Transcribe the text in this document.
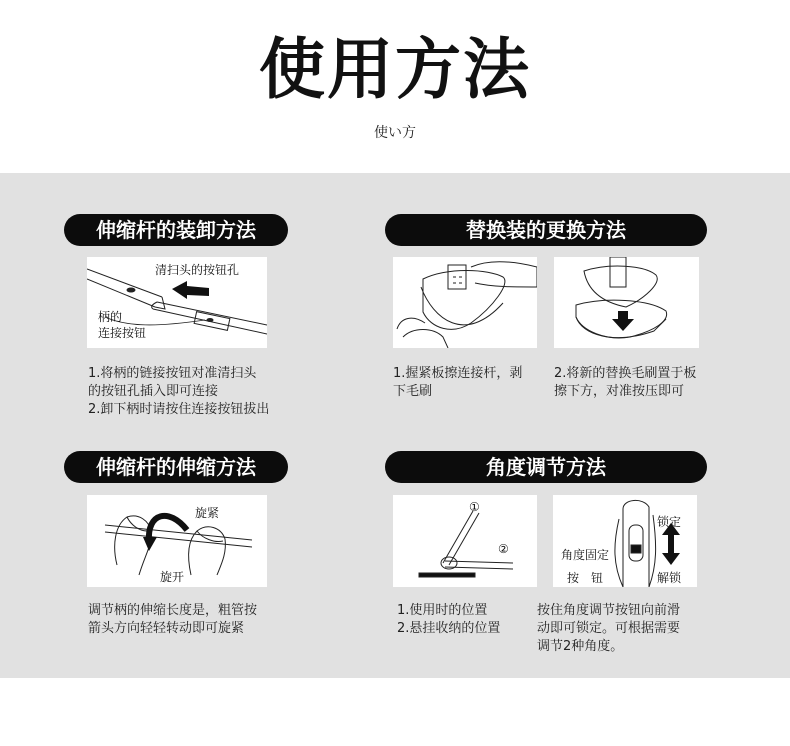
使用方法
使い方
伸缩杆的装卸方法
清扫头的按钮孔
柄的
连接按钮
1.将柄的链接按钮对准清扫头
的按钮孔插入即可连接
2.卸下柄时请按住连接按钮拔出
替换装的更换方法
1.握紧板擦连接杆，剥
下毛刷
2.将新的替换毛刷置于板
擦下方，对准按压即可
伸缩杆的伸缩方法
旋紧
旋开
调节柄的伸缩长度是，粗管按
箭头方向轻轻转动即可旋紧
角度调节方法
①
②
锁定
角度固定
按 钮	解锁
1.使用时的位置
2.悬挂收纳的位置
按住角度调节按钮向前滑
动即可锁定。可根据需要
调节2种角度。
